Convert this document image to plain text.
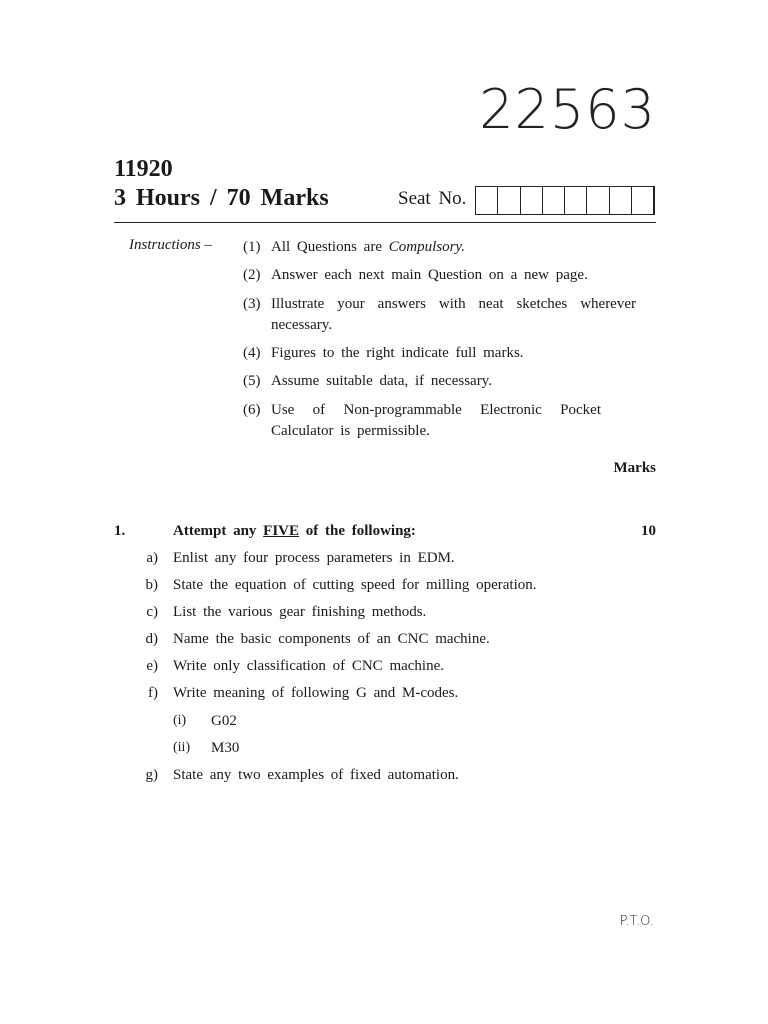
22563
11920
3 Hours / 70 Marks	Seat No.
Instructions – (1) All Questions are Compulsory.
(2) Answer each next main Question on a new page.
(3) Illustrate your answers with neat sketches wherever necessary.
(4) Figures to the right indicate full marks.
(5) Assume suitable data, if necessary.
(6) Use of Non-programmable Electronic Pocket Calculator is permissible.
Marks
1.	Attempt any FIVE of the following:	10
a) Enlist any four process parameters in EDM.
b) State the equation of cutting speed for milling operation.
c) List the various gear finishing methods.
d) Name the basic components of an CNC machine.
e) Write only classification of CNC machine.
f) Write meaning of following G and M-codes.
(i) G02
(ii) M30
g) State any two examples of fixed automation.
P.T.O.
